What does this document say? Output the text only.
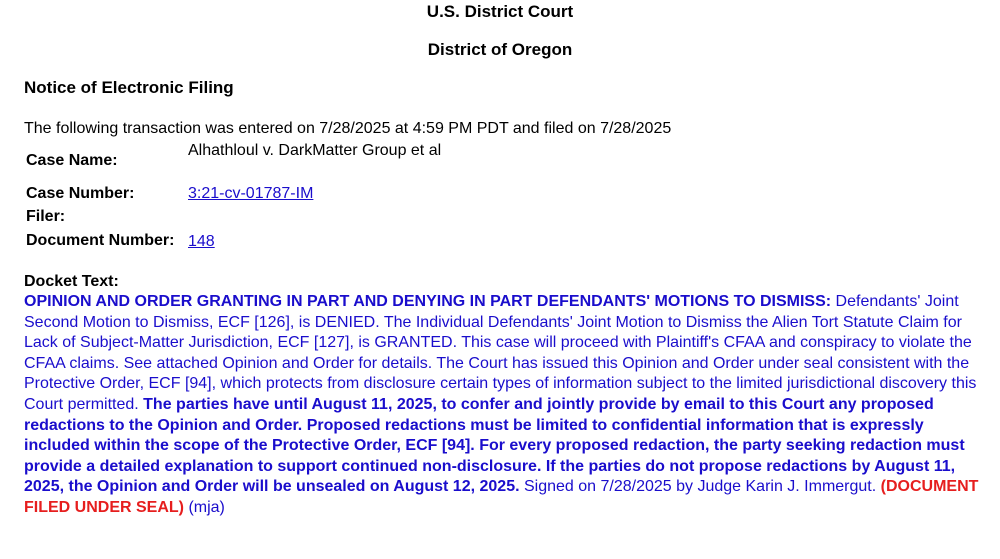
U.S. District Court
District of Oregon
Notice of Electronic Filing
The following transaction was entered on 7/28/2025 at 4:59 PM PDT and filed on 7/28/2025
Case Name:
Alhathloul v. DarkMatter Group et al
Case Number:	3:21-cv-01787-IM
Filer:
Document Number: 148
Docket Text:
OPINION AND ORDER GRANTING IN PART AND DENYING IN PART DEFENDANTS' MOTIONS TO DISMISS: Defendants' Joint Second Motion to Dismiss, ECF [126], is DENIED. The Individual Defendants' Joint Motion to Dismiss the Alien Tort Statute Claim for Lack of Subject-Matter Jurisdiction, ECF [127], is GRANTED. This case will proceed with Plaintiff's CFAA and conspiracy to violate the CFAA claims. See attached Opinion and Order for details. The Court has issued this Opinion and Order under seal consistent with the Protective Order, ECF [94], which protects from disclosure certain types of information subject to the limited jurisdictional discovery this Court permitted. The parties have until August 11, 2025, to confer and jointly provide by email to this Court any proposed redactions to the Opinion and Order. Proposed redactions must be limited to confidential information that is expressly included within the scope of the Protective Order, ECF [94]. For every proposed redaction, the party seeking redaction must provide a detailed explanation to support continued non-disclosure. If the parties do not propose redactions by August 11, 2025, the Opinion and Order will be unsealed on August 12, 2025. Signed on 7/28/2025 by Judge Karin J. Immergut. (DOCUMENT FILED UNDER SEAL) (mja)
